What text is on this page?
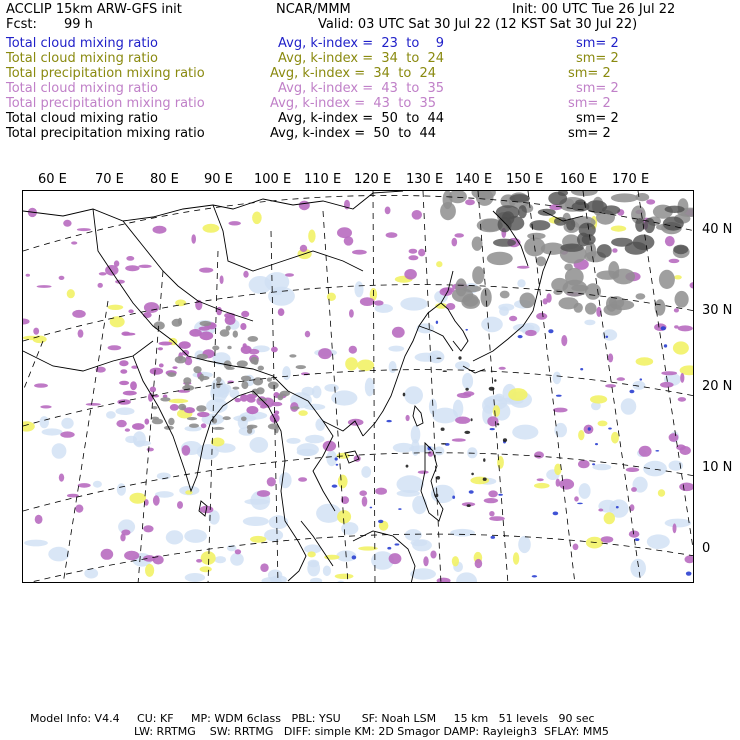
ACCLIP 15km ARW-GFS init	NCAR/MMM	Init: 00 UTC Tue 26 Jul 22
Fcst: 99 h	Valid: 03 UTC Sat 30 Jul 22 (12 KST Sat 30 Jul 22)
Total cloud mixing ratio	Avg, k-index =  23  to    9	sm= 2
Total cloud mixing ratio	Avg, k-index =  34  to  24	sm= 2
Total precipitation mixing ratio	Avg, k-index =  34  to  24	sm= 2
Total cloud mixing ratio	Avg, k-index =  43  to  35	sm= 2
Total precipitation mixing ratio	Avg, k-index =  43  to  35	sm= 2
Total cloud mixing ratio	Avg, k-index =  50  to  44	sm= 2
Total precipitation mixing ratio	Avg, k-index =  50  to  44	sm= 2
60 E 70 E 80 E 90 E 100 E 110 E 120 E 130 E 140 E 150 E 160 E 170 E
40 N
30 N
20 N
10 N
0
Model Info: V4.4     CU: KF     MP: WDM 6class   PBL: YSU      SF: Noah LSM     15 km   51 levels   90 sec
LW: RRTMG    SW: RRTMG   DIFF: simple KM: 2D Smagor DAMP: Rayleigh3  SFLAY: MM5
